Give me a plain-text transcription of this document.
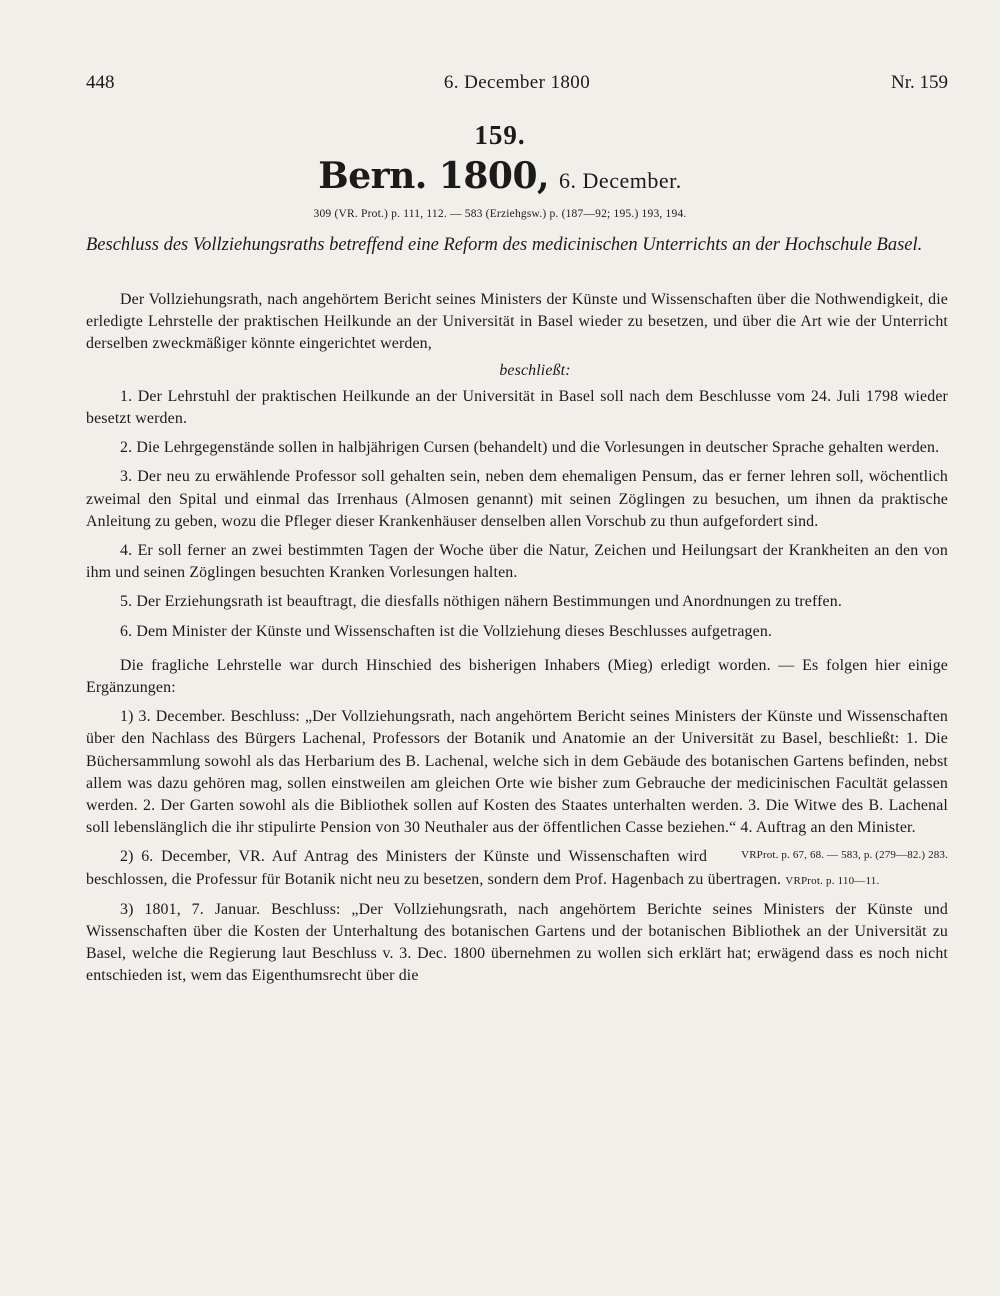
448	6. December 1800	Nr. 159
159.
Bern. 1800, 6. December.
309 (VR. Prot.) p. 111, 112. — 583 (Erziehgsw.) p. (187—92; 195.) 193, 194.
Beschluss des Vollziehungsraths betreffend eine Reform des medicinischen Unterrichts an der Hochschule Basel.

Der Vollziehungsrath, nach angehörtem Bericht seines Ministers der Künste und Wissenschaften über die Nothwendigkeit, die erledigte Lehrstelle der praktischen Heilkunde an der Universität in Basel wieder zu besetzen, und über die Art wie der Unterricht derselben zweckmäßiger könnte eingerichtet werden,

beschließt:

1. Der Lehrstuhl der praktischen Heilkunde an der Universität in Basel soll nach dem Beschlusse vom 24. Juli 1798 wieder besetzt werden.

2. Die Lehrgegenstände sollen in halbjährigen Cursen (behandelt) und die Vorlesungen in deutscher Sprache gehalten werden.

3. Der neu zu erwählende Professor soll gehalten sein, neben dem ehemaligen Pensum, das er ferner lehren soll, wöchentlich zweimal den Spital und einmal das Irrenhaus (Almosen genannt) mit seinen Zöglingen zu besuchen, um ihnen da praktische Anleitung zu geben, wozu die Pfleger dieser Krankenhäuser denselben allen Vorschub zu thun aufgefordert sind.

4. Er soll ferner an zwei bestimmten Tagen der Woche über die Natur, Zeichen und Heilungsart der Krankheiten an den von ihm und seinen Zöglingen besuchten Kranken Vorlesungen halten.

5. Der Erziehungsrath ist beauftragt, die diesfalls nöthigen nähern Bestimmungen und Anordnungen zu treffen.

6. Dem Minister der Künste und Wissenschaften ist die Vollziehung dieses Beschlusses aufgetragen.

Die fragliche Lehrstelle war durch Hinschied des bisherigen Inhabers (Mieg) erledigt worden. — Es folgen hier einige Ergänzungen:

1) 3. December. Beschluss: „Der Vollziehungsrath, nach angehörtem Bericht seines Ministers der Künste und Wissenschaften über den Nachlass des Bürgers Lachenal, Professors der Botanik und Anatomie an der Universität zu Basel, beschließt: 1. Die Büchersammlung sowohl als das Herbarium des B. Lachenal, welche sich in dem Gebäude des botanischen Gartens befinden, nebst allem was dazu gehören mag, sollen einstweilen am gleichen Orte wie bisher zum Gebrauche der medicinischen Facultät gelassen werden. 2. Der Garten sowohl als die Bibliothek sollen auf Kosten des Staates unterhalten werden. 3. Die Witwe des B. Lachenal soll lebenslänglich die ihr stipulirte Pension von 30 Neuthaler aus der öffentlichen Casse beziehen.“ 4. Auftrag an den Minister.
VRProt. p. 67, 68. — 583, p. (279—82.) 283.

2) 6. December, VR. Auf Antrag des Ministers der Künste und Wissenschaften wird beschlossen, die Professur für Botanik nicht neu zu besetzen, sondern dem Prof. Hagenbach zu übertragen. VRProt. p. 110—11.

3) 1801, 7. Januar. Beschluss: „Der Vollziehungsrath, nach angehörtem Berichte seines Ministers der Künste und Wissenschaften über die Kosten der Unterhaltung des botanischen Gartens und der botanischen Bibliothek an der Universität zu Basel, welche die Regierung laut Beschluss v. 3. Dec. 1800 übernehmen zu wollen sich erklärt hat; erwägend dass es noch nicht entschieden ist, wem das Eigenthumsrecht über die
